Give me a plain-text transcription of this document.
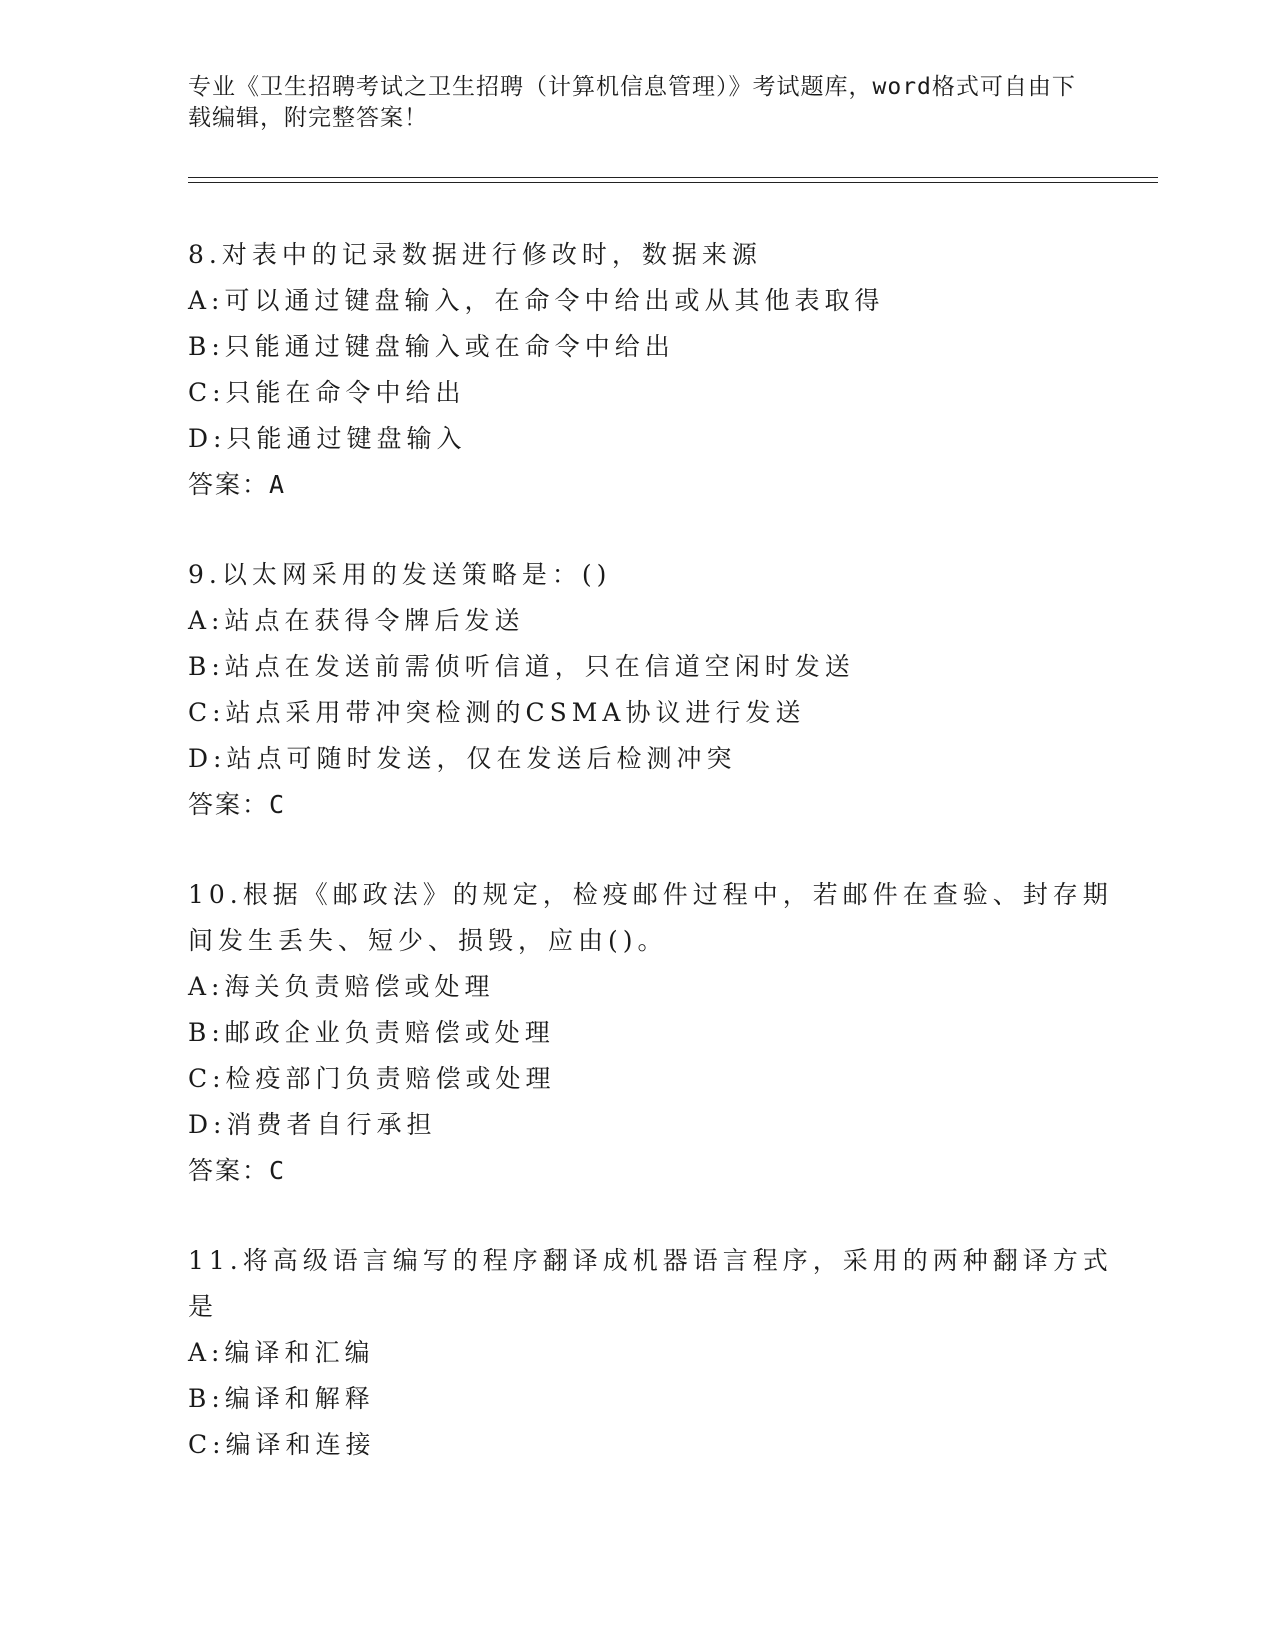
专业《卫生招聘考试之卫生招聘（计算机信息管理）》考试题库，word格式可自由下载编辑，附完整答案！
8.对表中的记录数据进行修改时，数据来源
A:可以通过键盘输入，在命令中给出或从其他表取得
B:只能通过键盘输入或在命令中给出
C:只能在命令中给出
D:只能通过键盘输入
答案：A
9.以太网采用的发送策略是：()
A:站点在获得令牌后发送
B:站点在发送前需侦听信道，只在信道空闲时发送
C:站点采用带冲突检测的CSMA协议进行发送
D:站点可随时发送，仅在发送后检测冲突
答案：C
10.根据《邮政法》的规定，检疫邮件过程中，若邮件在查验、封存期
间发生丢失、短少、损毁，应由()。
A:海关负责赔偿或处理
B:邮政企业负责赔偿或处理
C:检疫部门负责赔偿或处理
D:消费者自行承担
答案：C
11.将高级语言编写的程序翻译成机器语言程序，采用的两种翻译方式
是
A:编译和汇编
B:编译和解释
C:编译和连接
